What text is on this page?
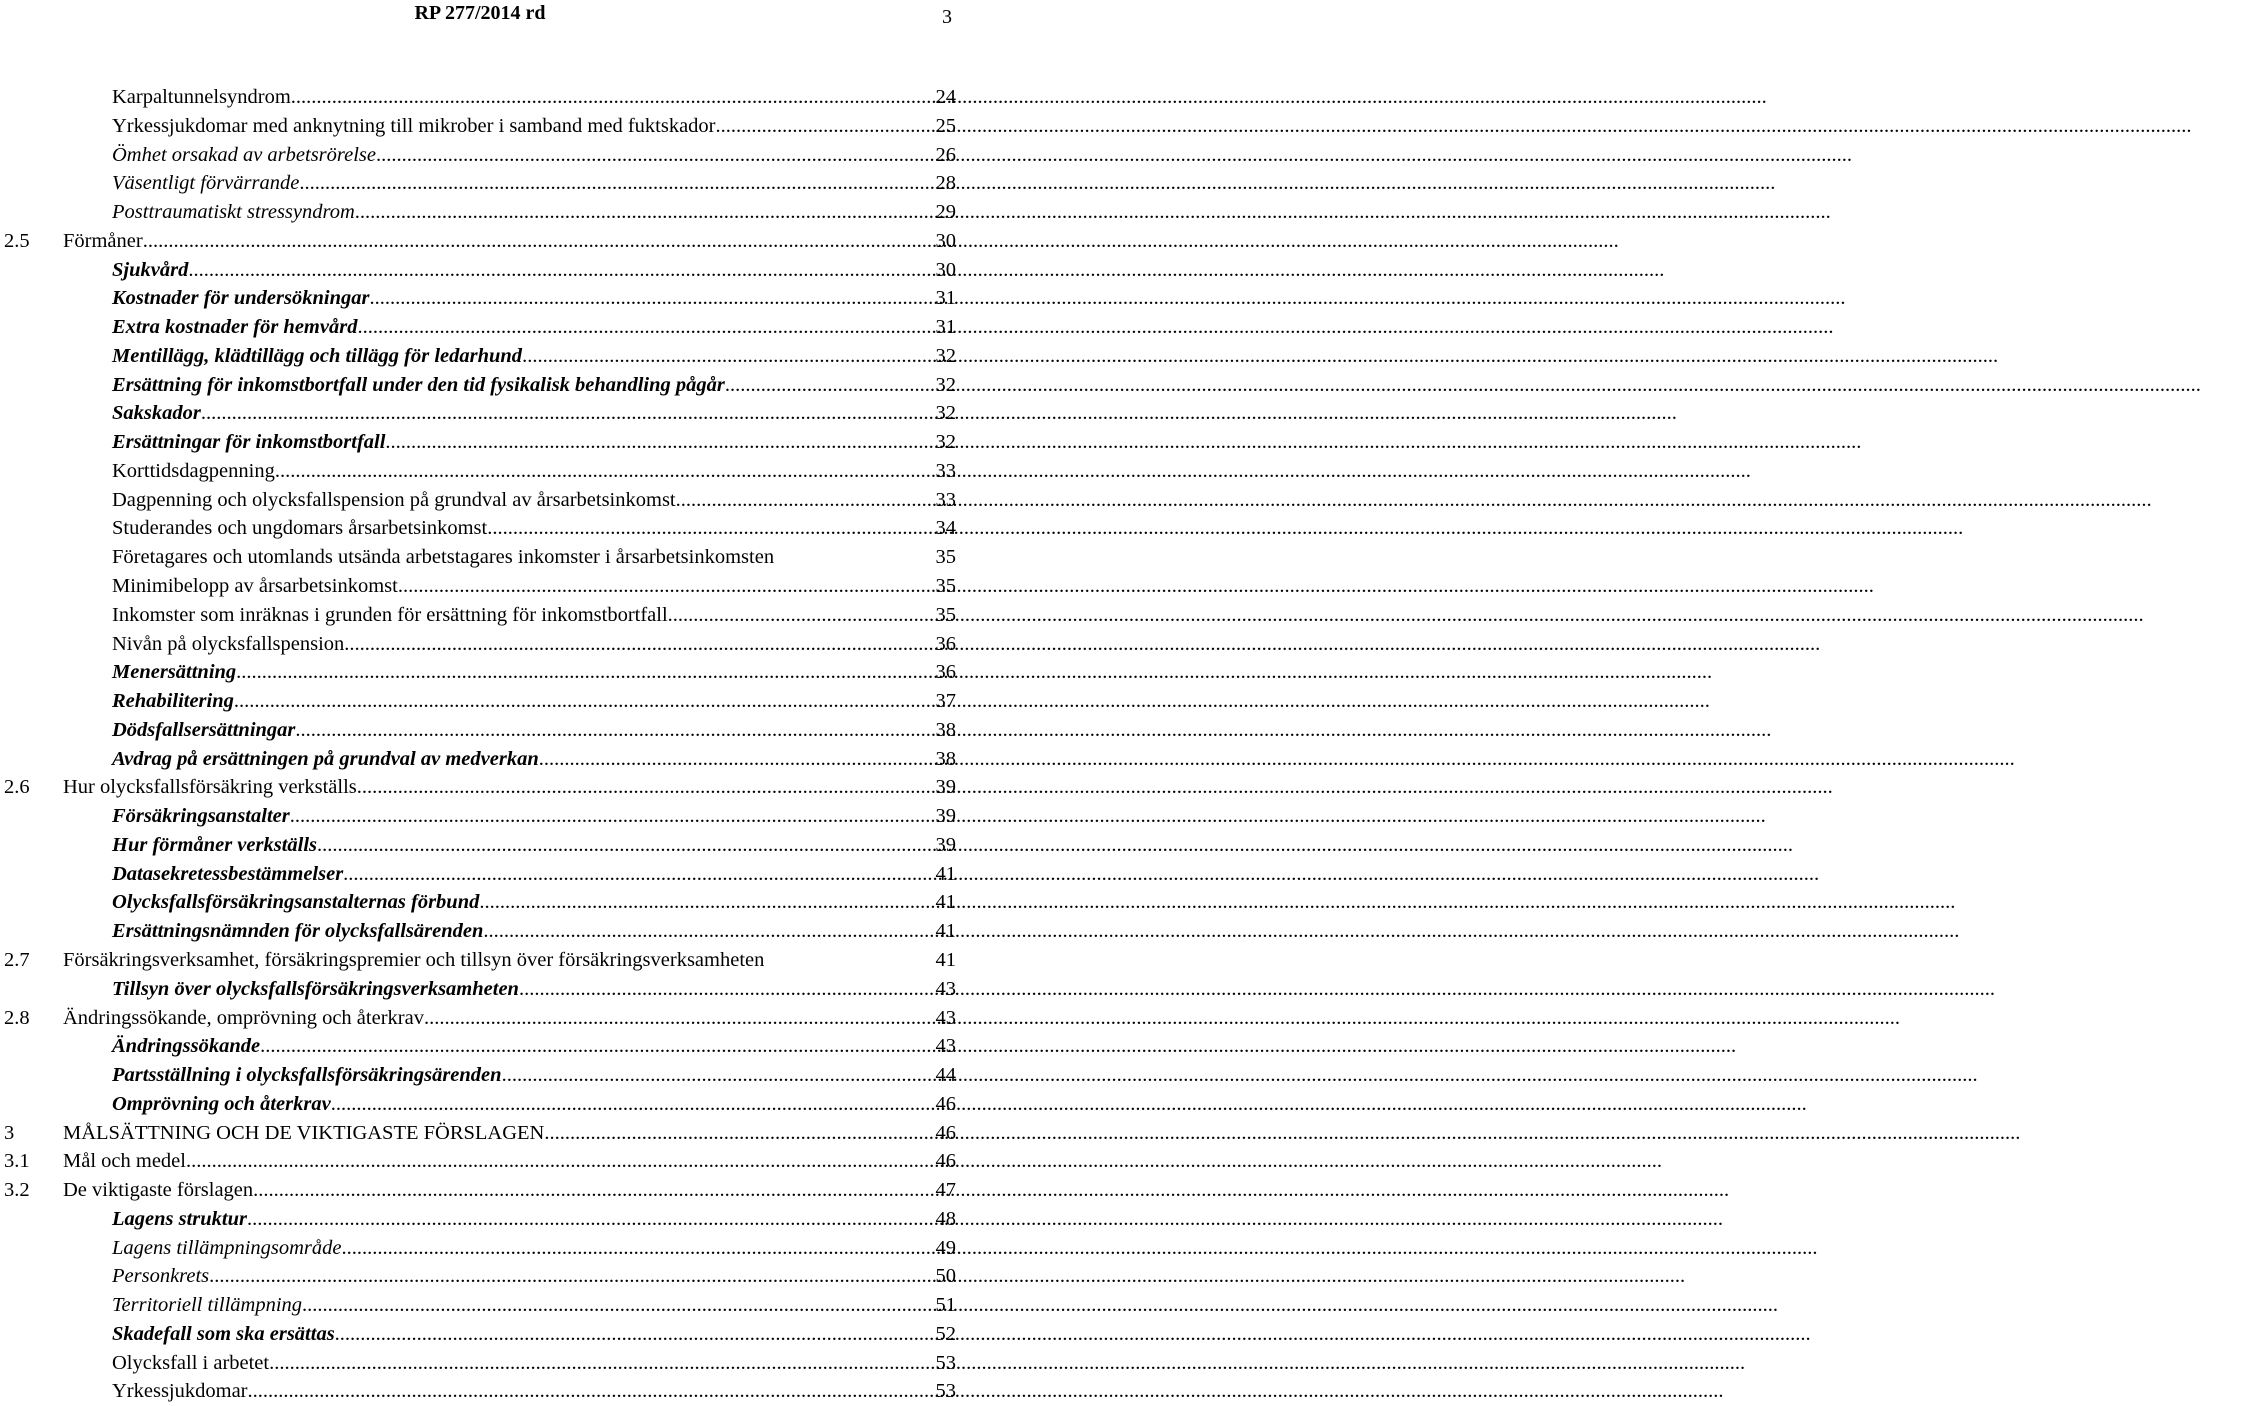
RP 277/2014 rd	3
Karpaltunnelsyndrom .....	24
Yrkessjukdomar med anknytning till mikrober i samband med fuktskador .....	25
Ömhet orsakad av arbetsrörelse .....	26
Väsentligt förvärrande .....	28
Posttraumatiskt stressyndrom .....	29
2.5 Förmåner .....	30
Sjukvård .....	30
Kostnader för undersökningar .....	31
Extra kostnader för hemvård .....	31
Mentillägg, klädtillägg och tillägg för ledarhund .....	32
Ersättning för inkomstbortfall under den tid fysikalisk behandling pågår .....	32
Sakskador .....	32
Ersättningar för inkomstbortfall .....	32
Korttidsdagpenning .....	33
Dagpenning och olycksfallspension på grundval av årsarbetsinkomst .....	33
Studerandes och ungdomars årsarbetsinkomst .....	34
Företagares och utomlands utsända arbetstagares inkomster i årsarbetsinkomsten	35
Minimibelopp av årsarbetsinkomst .....	35
Inkomster som inräknas i grunden för ersättning för inkomstbortfall .....	35
Nivån på olycksfallspension .....	36
Menersättning .....	36
Rehabilitering .....	37
Dödsfallsersättningar .....	38
Avdrag på ersättningen på grundval av medverkan .....	38
2.6 Hur olycksfallsförsäkring verkställs .....	39
Försäkringsanstalter .....	39
Hur förmåner verkställs .....	39
Datasekretessbestämmelser .....	41
Olycksfallsförsäkringsanstalternas förbund .....	41
Ersättningsnämnden för olycksfallsärenden .....	41
2.7 Försäkringsverksamhet, försäkringspremier och tillsyn över försäkringsverksamheten	41
Tillsyn över olycksfallsförsäkringsverksamheten .....	43
2.8 Ändringssökande, omprövning och återkrav .....	43
Ändringssökande .....	43
Partsställning i olycksfallsförsäkringsärenden .....	44
Omprövning och återkrav .....	46
3 MÅLSÄTTNING OCH DE VIKTIGASTE FÖRSLAGEN .....	46
3.1 Mål och medel .....	46
3.2 De viktigaste förslagen .....	47
Lagens struktur .....	48
Lagens tillämpningsområde .....	49
Personkrets .....	50
Territoriell tillämpning .....	51
Skadefall som ska ersättas .....	52
Olycksfall i arbetet .....	53
Yrkessjukdomar .....	53
